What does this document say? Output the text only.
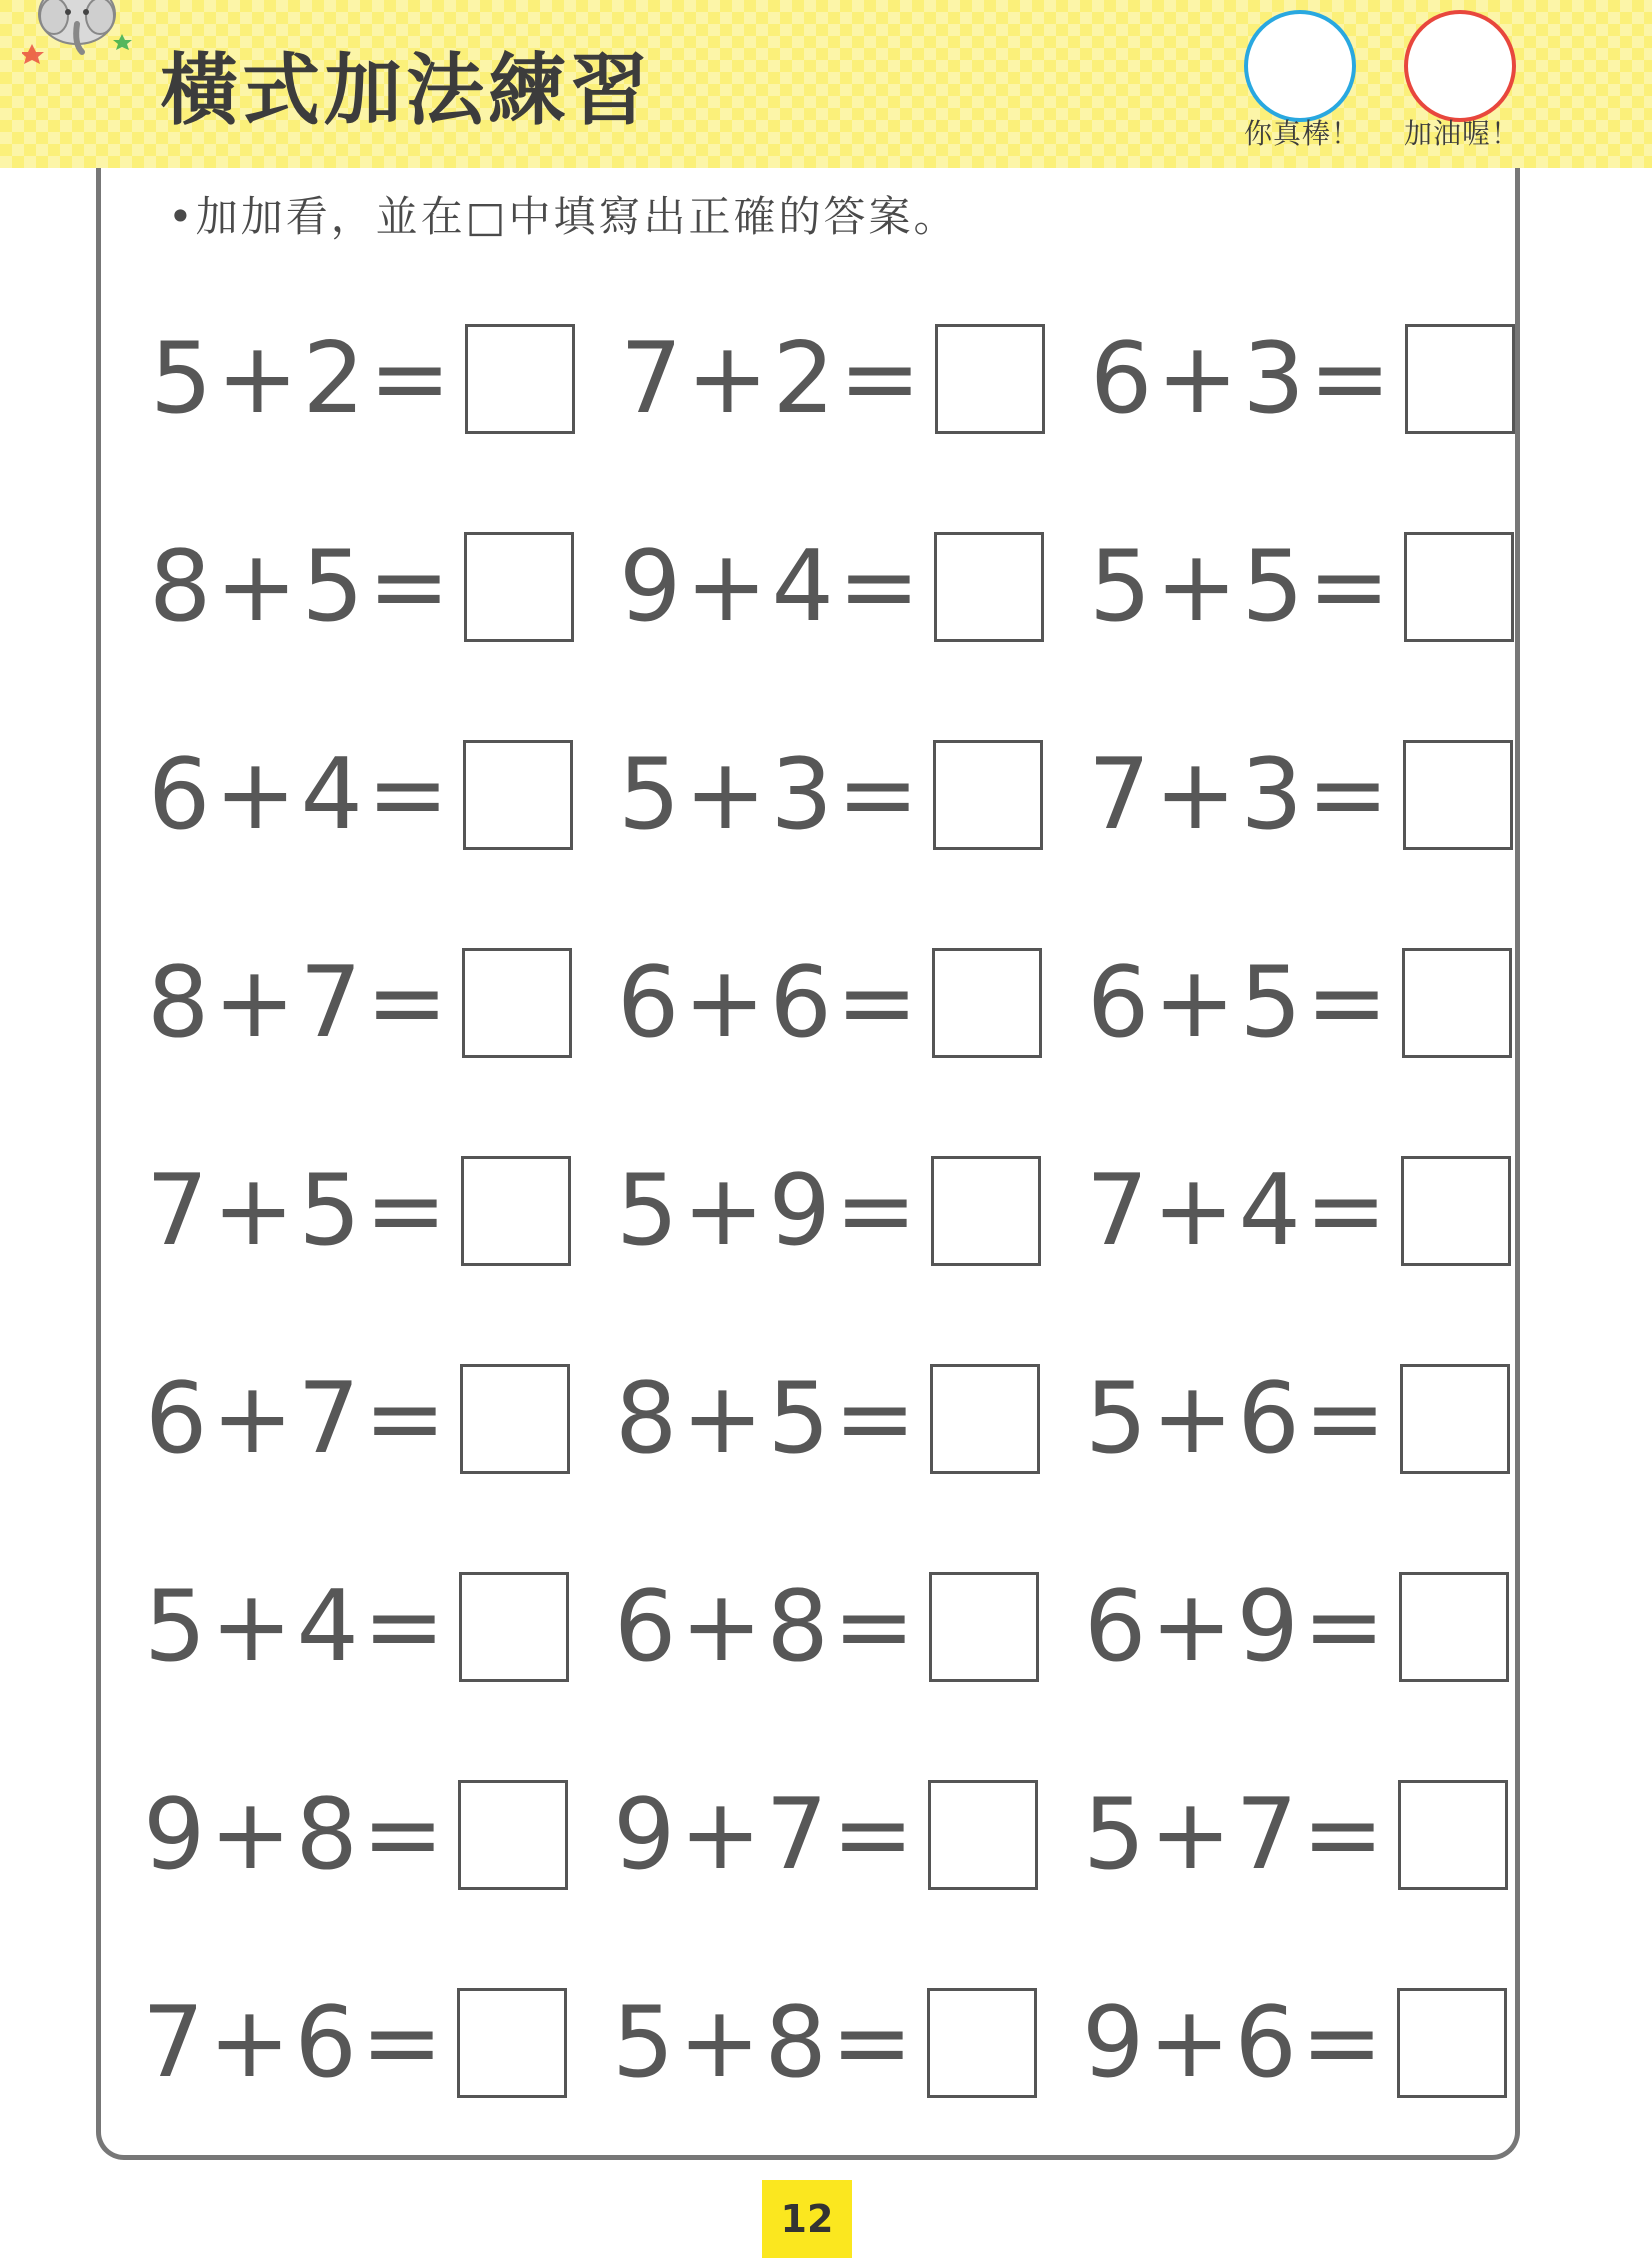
橫式加法練習	你真棒！	加油喔！
•加加看，並在□中填寫出正確的答案。
5+2= 7+2= 6+3=
8+5= 9+4= 5+5=
6+4= 5+3= 7+3=
8+7= 6+6= 6+5=
7+5= 5+9= 7+4=
6+7= 8+5= 5+6=
5+4= 6+8= 6+9=
9+8= 9+7= 5+7=
7+6= 5+8= 9+6=
12
